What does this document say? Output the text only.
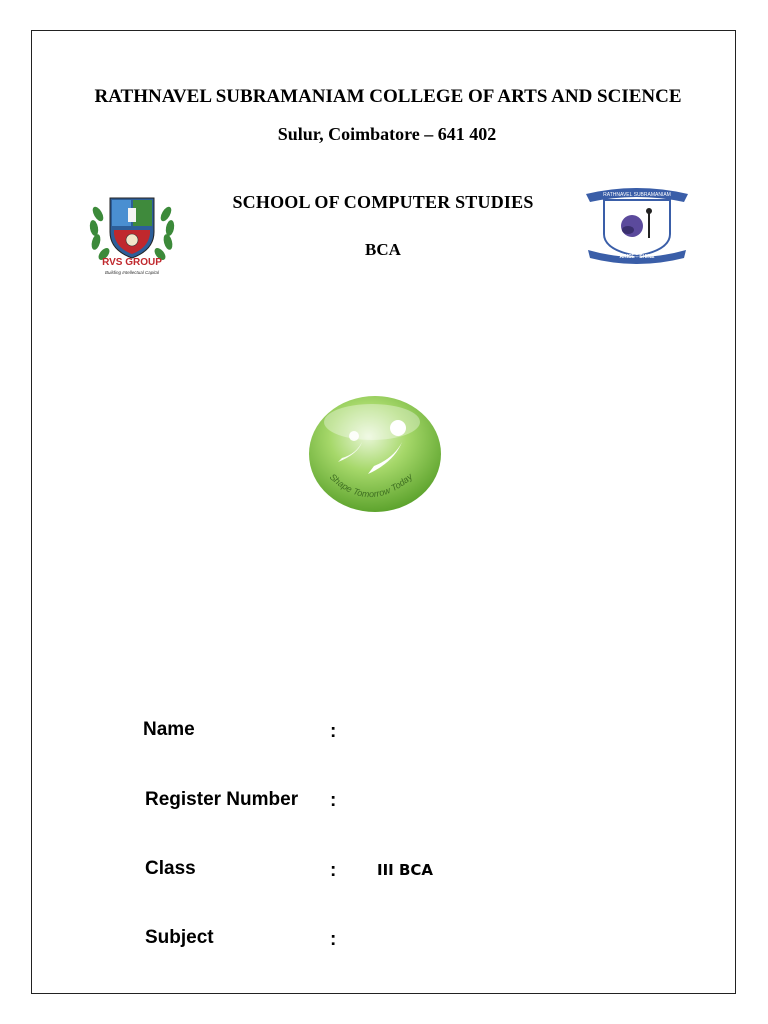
RATHNAVEL SUBRAMANIAM COLLEGE OF ARTS AND SCIENCE
Sulur, Coimbatore – 641 402
SCHOOL OF COMPUTER STUDIES
BCA
RVS GROUP
Building Intellectual Capital
RATHNAVEL SUBRAMANIAM
ARISE - SHINE
Shape Tomorrow Today
Name	:
Register Number :
Class	:	III BCA
Subject	:
